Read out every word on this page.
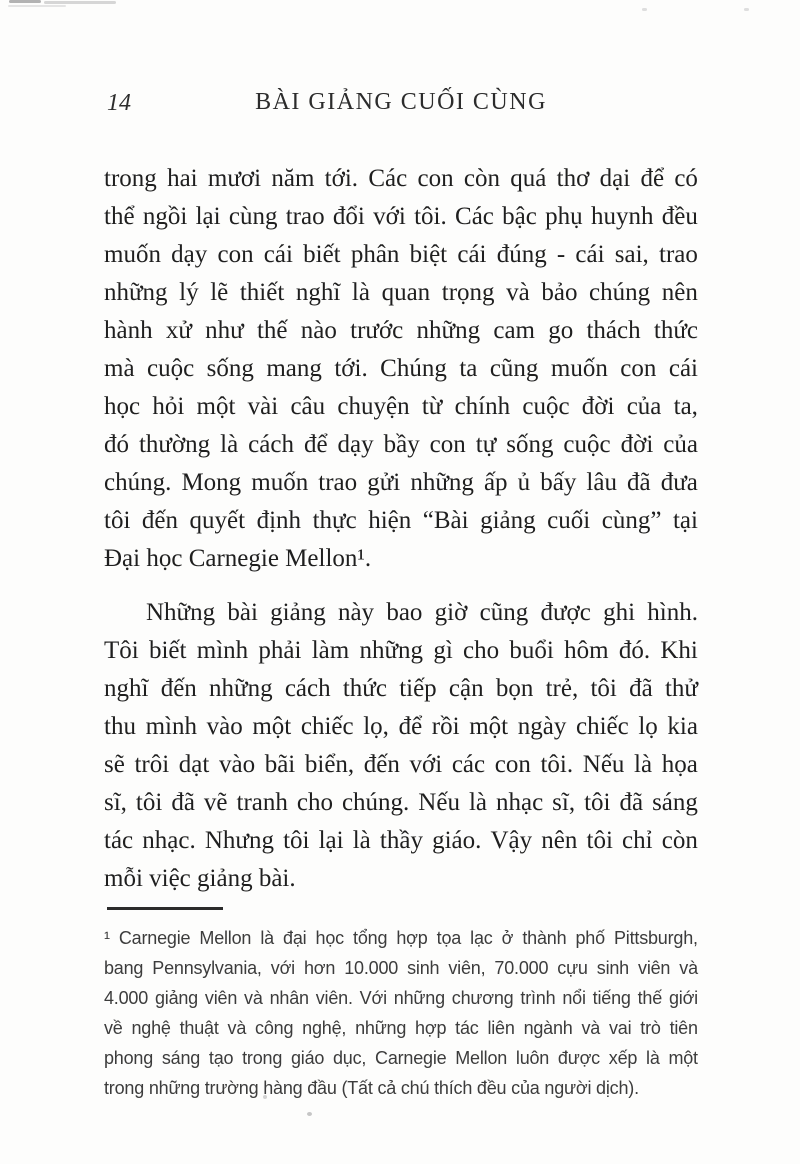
14	BÀI GIẢNG CUỐI CÙNG
trong hai mươi năm tới. Các con còn quá thơ dại để có
thể ngồi lại cùng trao đổi với tôi. Các bậc phụ huynh đều
muốn dạy con cái biết phân biệt cái đúng - cái sai, trao
những lý lẽ thiết nghĩ là quan trọng và bảo chúng nên
hành xử như thế nào trước những cam go thách thức
mà cuộc sống mang tới. Chúng ta cũng muốn con cái
học hỏi một vài câu chuyện từ chính cuộc đời của ta,
đó thường là cách để dạy bầy con tự sống cuộc đời của
chúng. Mong muốn trao gửi những ấp ủ bấy lâu đã đưa
tôi đến quyết định thực hiện “Bài giảng cuối cùng” tại
Đại học Carnegie Mellon¹.
Những bài giảng này bao giờ cũng được ghi hình.
Tôi biết mình phải làm những gì cho buổi hôm đó. Khi
nghĩ đến những cách thức tiếp cận bọn trẻ, tôi đã thử
thu mình vào một chiếc lọ, để rồi một ngày chiếc lọ kia
sẽ trôi dạt vào bãi biển, đến với các con tôi. Nếu là họa
sĩ, tôi đã vẽ tranh cho chúng. Nếu là nhạc sĩ, tôi đã sáng
tác nhạc. Nhưng tôi lại là thầy giáo. Vậy nên tôi chỉ còn
mỗi việc giảng bài.
¹ Carnegie Mellon là đại học tổng hợp tọa lạc ở thành phố Pittsburgh,
bang Pennsylvania, với hơn 10.000 sinh viên, 70.000 cựu sinh viên và
4.000 giảng viên và nhân viên. Với những chương trình nổi tiếng thế giới
về nghệ thuật và công nghệ, những hợp tác liên ngành và vai trò tiên
phong sáng tạo trong giáo dục, Carnegie Mellon luôn được xếp là một
trong những trường hàng đầu (Tất cả chú thích đều của người dịch).
